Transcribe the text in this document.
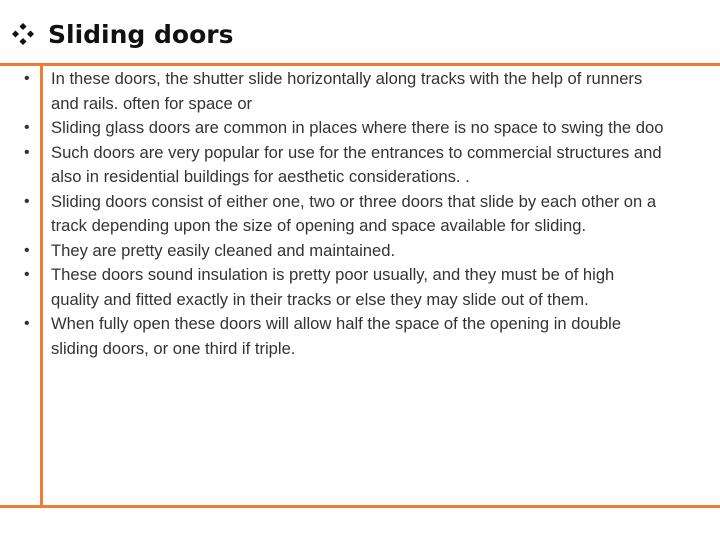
Sliding doors
• In these doors, the shutter slide horizontally along tracks with the help of runners
and rails. often for space or
• Sliding glass doors are common in places where there is no space to swing the doo
• Such doors are very popular for use for the entrances to commercial structures and
also in residential buildings for aesthetic considerations. .
• Sliding doors consist of either one, two or three doors that slide by each other on a
track depending upon the size of opening and space available for sliding.
• They are pretty easily cleaned and maintained.
• These doors sound insulation is pretty poor usually, and they must be of high
quality and fitted exactly in their tracks or else they may slide out of them.
• When fully open these doors will allow half the space of the opening in double
sliding doors, or one third if triple.
